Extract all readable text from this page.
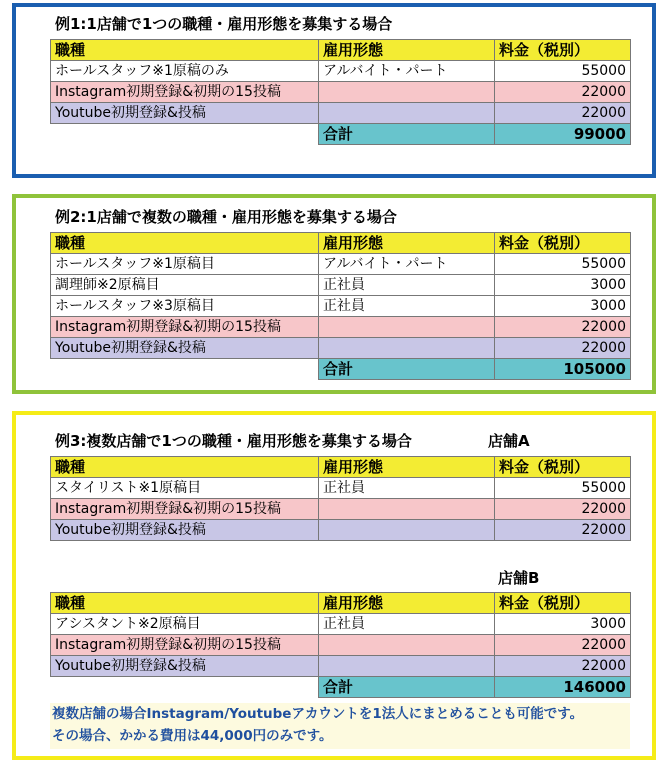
例1:1店舗で1つの職種・雇用形態を募集する場合
職種	雇用形態	料金（税別）
ホールスタッフ※1原稿のみ	アルバイト・パート	55000
Instagram初期登録&初期の15投稿		22000
Youtube初期登録&投稿		22000
	合計	99000
例2:1店舗で複数の職種・雇用形態を募集する場合
職種	雇用形態	料金（税別）
ホールスタッフ※1原稿目	アルバイト・パート	55000
調理師※2原稿目	正社員	3000
ホールスタッフ※3原稿目	正社員	3000
Instagram初期登録&初期の15投稿		22000
Youtube初期登録&投稿		22000
	合計	105000
例3:複数店舗で1つの職種・雇用形態を募集する場合	店舗A
職種	雇用形態	料金（税別）
スタイリスト※1原稿目	正社員	55000
Instagram初期登録&初期の15投稿		22000
Youtube初期登録&投稿		22000
店舗B
職種	雇用形態	料金（税別）
アシスタント※2原稿目	正社員	3000
Instagram初期登録&初期の15投稿		22000
Youtube初期登録&投稿		22000
	合計	146000
複数店舗の場合Instagram/Youtubeアカウントを1法人にまとめることも可能です。
その場合、かかる費用は44,000円のみです。
